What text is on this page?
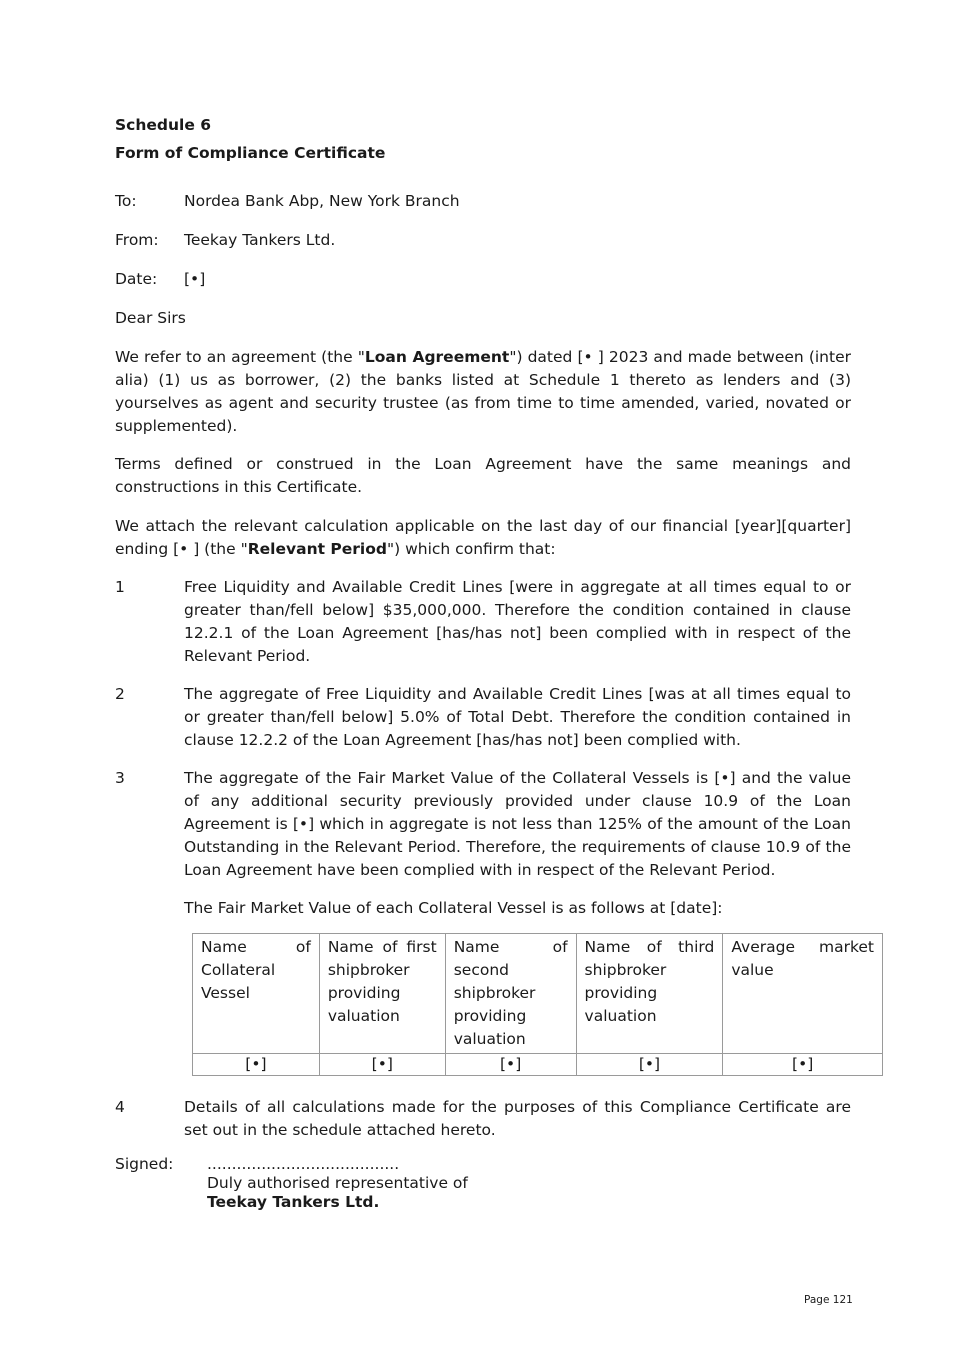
Schedule 6
Form of Compliance Certificate
To:	Nordea Bank Abp, New York Branch
From:	Teekay Tankers Ltd.
Date:	[•]
Dear Sirs

We refer to an agreement (the "Loan Agreement") dated [• ] 2023 and made between (inter alia) (1) us as borrower, (2) the banks listed at Schedule 1 thereto as lenders and (3) yourselves as agent and security trustee (as from time to time amended, varied, novated or supplemented).

Terms defined or construed in the Loan Agreement have the same meanings and constructions in this Certificate.

We attach the relevant calculation applicable on the last day of our financial [year][quarter] ending [• ] (the "Relevant Period") which confirm that:

1	Free Liquidity and Available Credit Lines [were in aggregate at all times equal to or greater than/fell below] $35,000,000. Therefore the condition contained in clause 12.2.1 of the Loan Agreement [has/has not] been complied with in respect of the Relevant Period.
2	The aggregate of Free Liquidity and Available Credit Lines [was at all times equal to or greater than/fell below] 5.0% of Total Debt. Therefore the condition contained in clause 12.2.2 of the Loan Agreement [has/has not] been complied with.
3	The aggregate of the Fair Market Value of the Collateral Vessels is [•] and the value of any additional security previously provided under clause 10.9 of the Loan Agreement is [•] which in aggregate is not less than 125% of the amount of the Loan Outstanding in the Relevant Period. Therefore, the requirements of clause 10.9 of the Loan Agreement have been complied with in respect of the Relevant Period.

The Fair Market Value of each Collateral Vessel is as follows at [date]:

Name of Collateral Vessel	Name of first shipbroker providing valuation	Name of second shipbroker providing valuation	Name of third shipbroker providing valuation	Average market value
[•]	[•]	[•]	[•]	[•]
4	Details of all calculations made for the purposes of this Compliance Certificate are set out in the schedule attached hereto.
Signed: .......................................
Duly authorised representative of
Teekay Tankers Ltd.
Page 121
